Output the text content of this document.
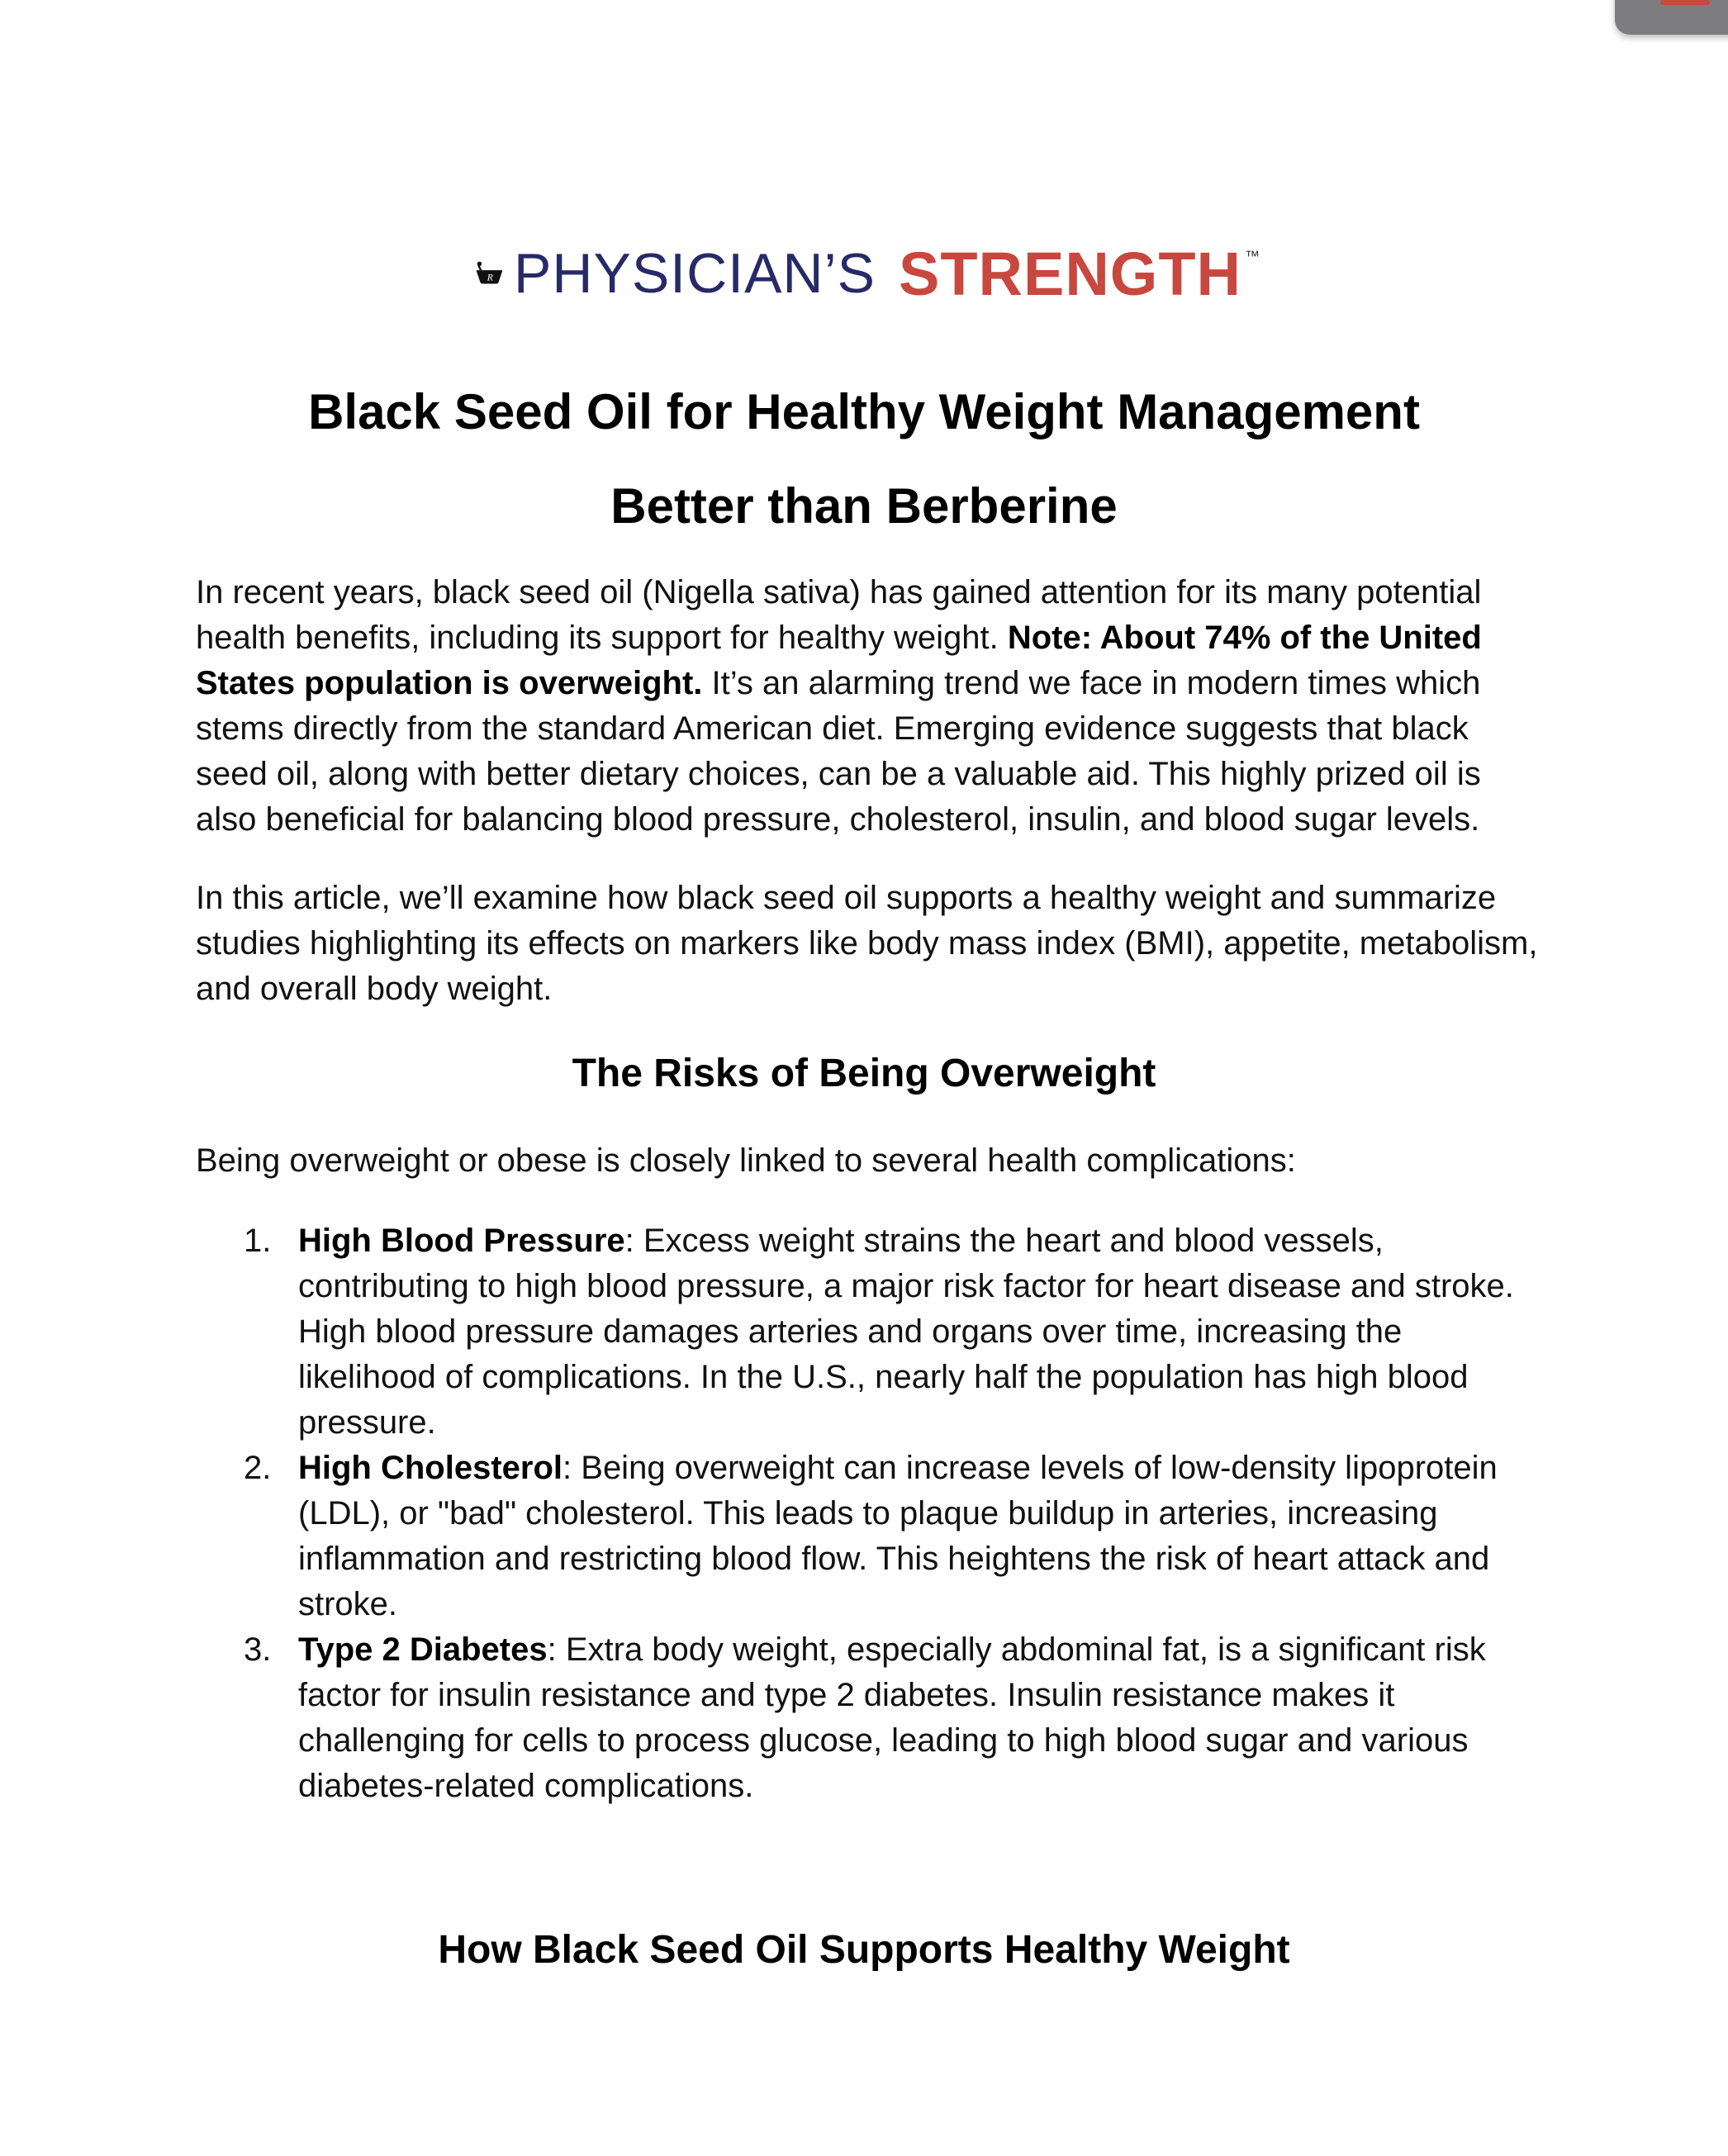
R PHYSICIAN’S STRENGTH ™
Black Seed Oil for Healthy Weight Management
Better than Berberine

In recent years, black seed oil (Nigella sativa) has gained attention for its many potential health benefits, including its support for healthy weight. Note: About 74% of the United States population is overweight. It’s an alarming trend we face in modern times which stems directly from the standard American diet. Emerging evidence suggests that black seed oil, along with better dietary choices, can be a valuable aid. This highly prized oil is also beneficial for balancing blood pressure, cholesterol, insulin, and blood sugar levels.

In this article, we’ll examine how black seed oil supports a healthy weight and summarize studies highlighting its effects on markers like body mass index (BMI), appetite, metabolism, and overall body weight.

The Risks of Being Overweight

Being overweight or obese is closely linked to several health complications:

1. High Blood Pressure: Excess weight strains the heart and blood vessels, contributing to high blood pressure, a major risk factor for heart disease and stroke. High blood pressure damages arteries and organs over time, increasing the likelihood of complications. In the U.S., nearly half the population has high blood pressure.
2. High Cholesterol: Being overweight can increase levels of low-density lipoprotein (LDL), or "bad" cholesterol. This leads to plaque buildup in arteries, increasing inflammation and restricting blood flow. This heightens the risk of heart attack and stroke.
3. Type 2 Diabetes: Extra body weight, especially abdominal fat, is a significant risk factor for insulin resistance and type 2 diabetes. Insulin resistance makes it challenging for cells to process glucose, leading to high blood sugar and various diabetes-related complications.
How Black Seed Oil Supports Healthy Weight
